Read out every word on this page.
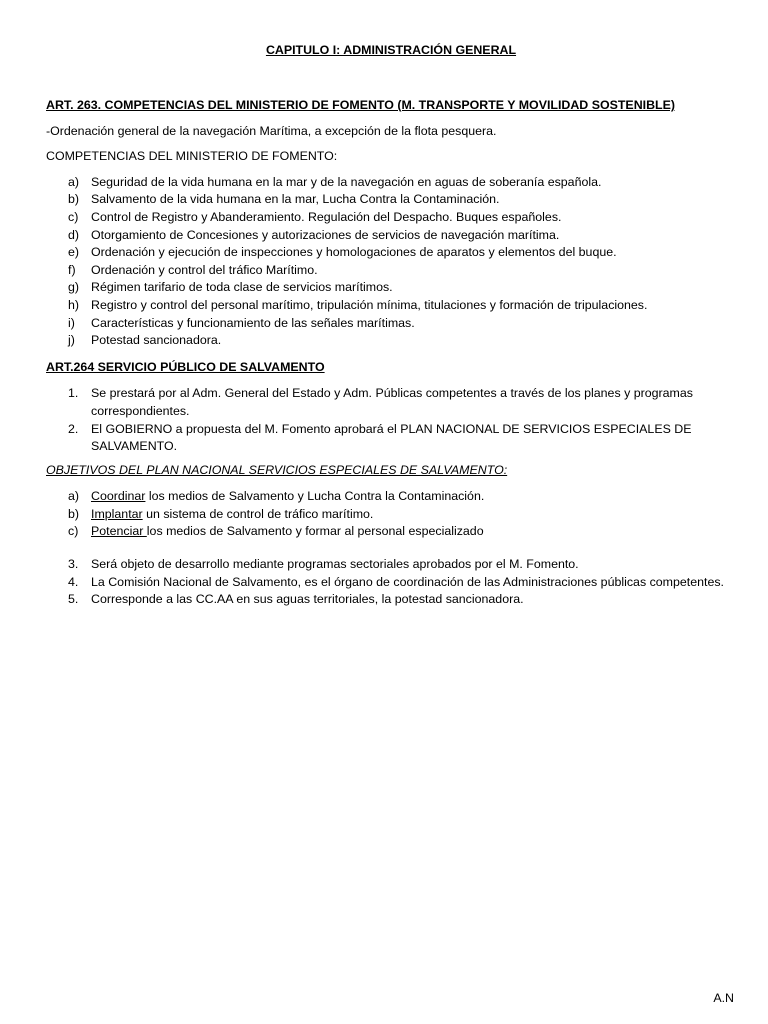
CAPITULO I: ADMINISTRACIÓN GENERAL

ART. 263. COMPETENCIAS DEL MINISTERIO DE FOMENTO (M. TRANSPORTE Y MOVILIDAD SOSTENIBLE)

-Ordenación general de la navegación Marítima, a excepción de la flota pesquera.

COMPETENCIAS DEL MINISTERIO DE FOMENTO:

a) Seguridad de la vida humana en la mar y de la navegación en aguas de soberanía española.
b) Salvamento de la vida humana en la mar, Lucha Contra la Contaminación.
c) Control de Registro y Abanderamiento. Regulación del Despacho. Buques españoles.
d) Otorgamiento de Concesiones y autorizaciones de servicios de navegación marítima.
e) Ordenación y ejecución de inspecciones y homologaciones de aparatos y elementos del buque.
f) Ordenación y control del tráfico Marítimo.
g) Régimen tarifario de toda clase de servicios marítimos.
h) Registro y control del personal marítimo, tripulación mínima, titulaciones y formación de tripulaciones.
i) Características y funcionamiento de las señales marítimas.
j) Potestad sancionadora.

ART.264 SERVICIO PÚBLICO DE SALVAMENTO

1. Se prestará por al Adm. General del Estado y Adm. Públicas competentes a través de los planes y programas correspondientes.
2. El GOBIERNO a propuesta del M. Fomento aprobará el PLAN NACIONAL DE SERVICIOS ESPECIALES DE SALVAMENTO.

OBJETIVOS DEL PLAN NACIONAL SERVICIOS ESPECIALES DE SALVAMENTO:

a) Coordinar los medios de Salvamento y Lucha Contra la Contaminación.
b) Implantar un sistema de control de tráfico marítimo.
c) Potenciar los medios de Salvamento y formar al personal especializado
3. Será objeto de desarrollo mediante programas sectoriales aprobados por el M. Fomento.
4. La Comisión Nacional de Salvamento, es el órgano de coordinación de las Administraciones públicas competentes.
5. Corresponde a las CC.AA en sus aguas territoriales, la potestad sancionadora.
A.N
